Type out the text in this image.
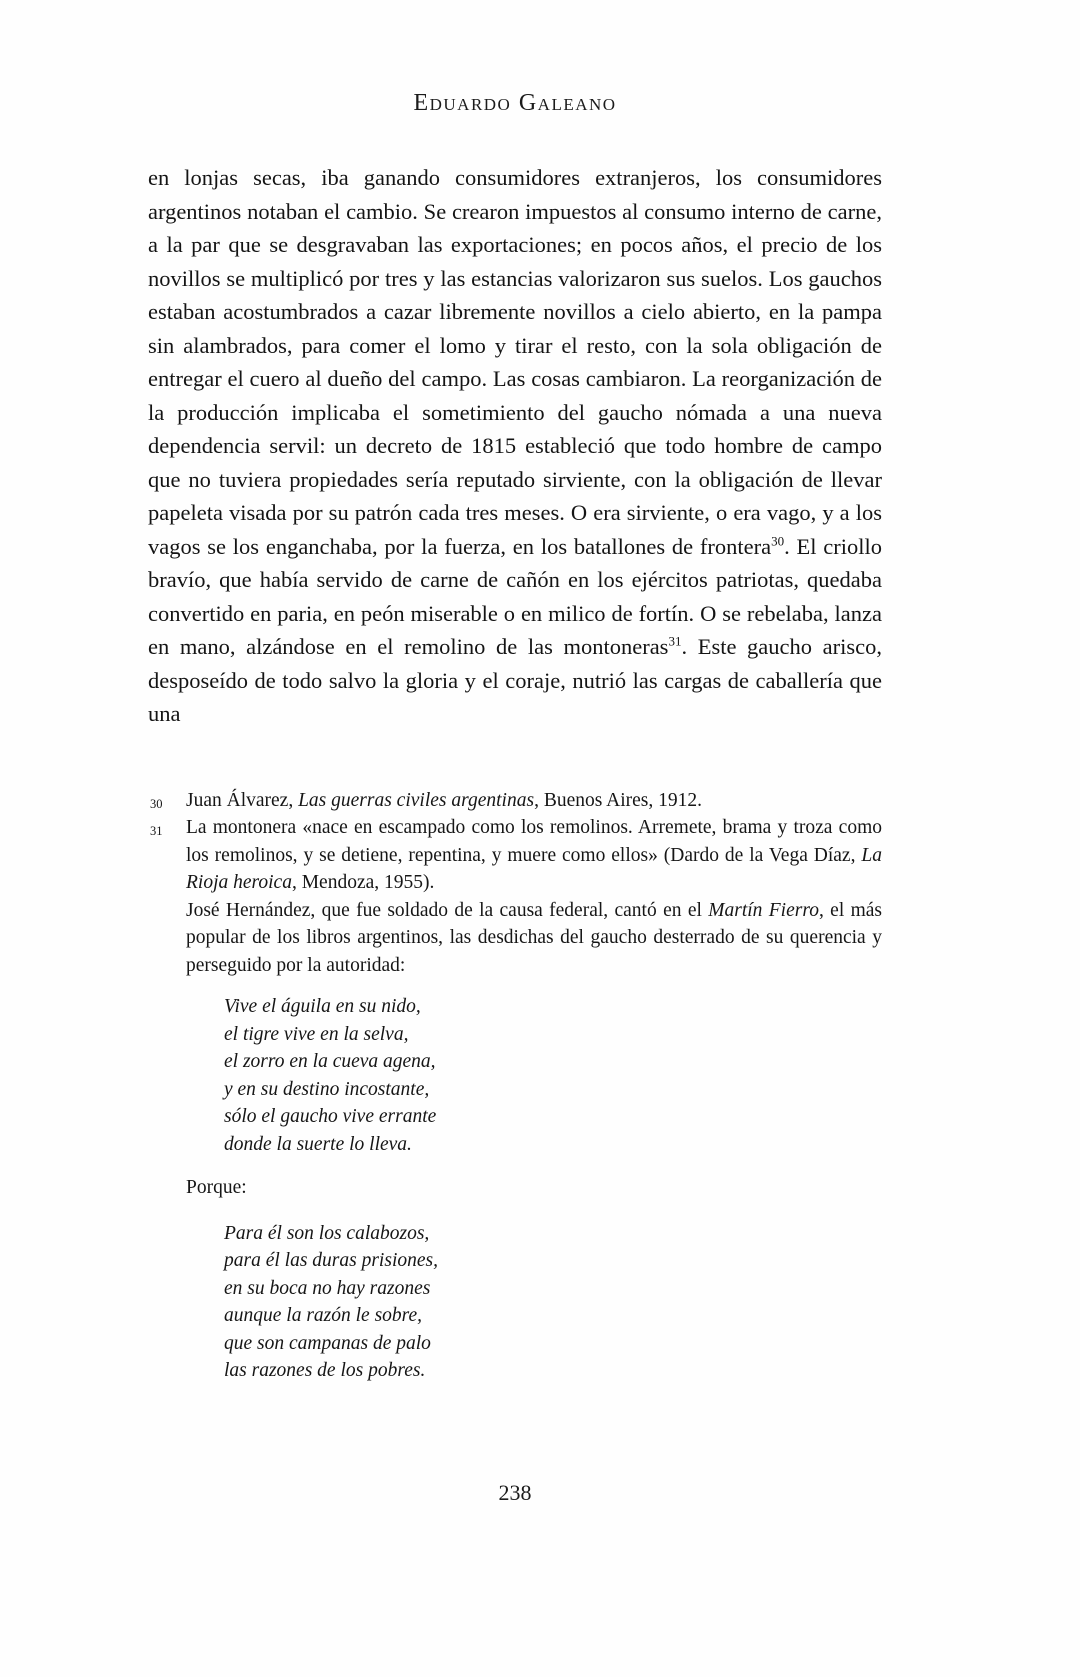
Eduardo Galeano

en lonjas secas, iba ganando consumidores extranjeros, los consumidores argentinos notaban el cambio. Se crearon impuestos al consumo interno de carne, a la par que se desgravaban las exportaciones; en pocos años, el precio de los novillos se multiplicó por tres y las estancias valorizaron sus suelos. Los gauchos estaban acostumbrados a cazar libremente novillos a cielo abierto, en la pampa sin alambrados, para comer el lomo y tirar el resto, con la sola obligación de entregar el cuero al dueño del campo. Las cosas cambiaron. La reorganización de la producción implicaba el sometimiento del gaucho nómada a una nueva dependencia servil: un decreto de 1815 estableció que todo hombre de campo que no tuviera propiedades sería reputado sirviente, con la obligación de llevar papeleta visada por su patrón cada tres meses. O era sirviente, o era vago, y a los vagos se los enganchaba, por la fuerza, en los batallones de frontera$^{30}$. El criollo bravío, que había servido de carne de cañón en los ejércitos patriotas, quedaba convertido en paria, en peón miserable o en milico de fortín. O se rebelaba, lanza en mano, alzándose en el remolino de las montoneras$^{31}$. Este gaucho arisco, desposeído de todo salvo la gloria y el coraje, nutrió las cargas de caballería que una

30 Juan Álvarez, Las guerras civiles argentinas, Buenos Aires, 1912.
31 La montonera «nace en escampado como los remolinos. Arremete, brama y troza como los remolinos, y se detiene, repentina, y muere como ellos» (Dardo de la Vega Díaz, La Rioja heroica, Mendoza, 1955).
José Hernández, que fue soldado de la causa federal, cantó en el Martín Fierro, el más popular de los libros argentinos, las desdichas del gaucho desterrado de su querencia y perseguido por la autoridad:
Vive el águila en su nido,
el tigre vive en la selva,
el zorro en la cueva agena,
y en su destino incostante,
sólo el gaucho vive errante
donde la suerte lo lleva.
Porque:
Para él son los calabozos,
para él las duras prisiones,
en su boca no hay razones
aunque la razón le sobre,
que son campanas de palo
las razones de los pobres.
238
